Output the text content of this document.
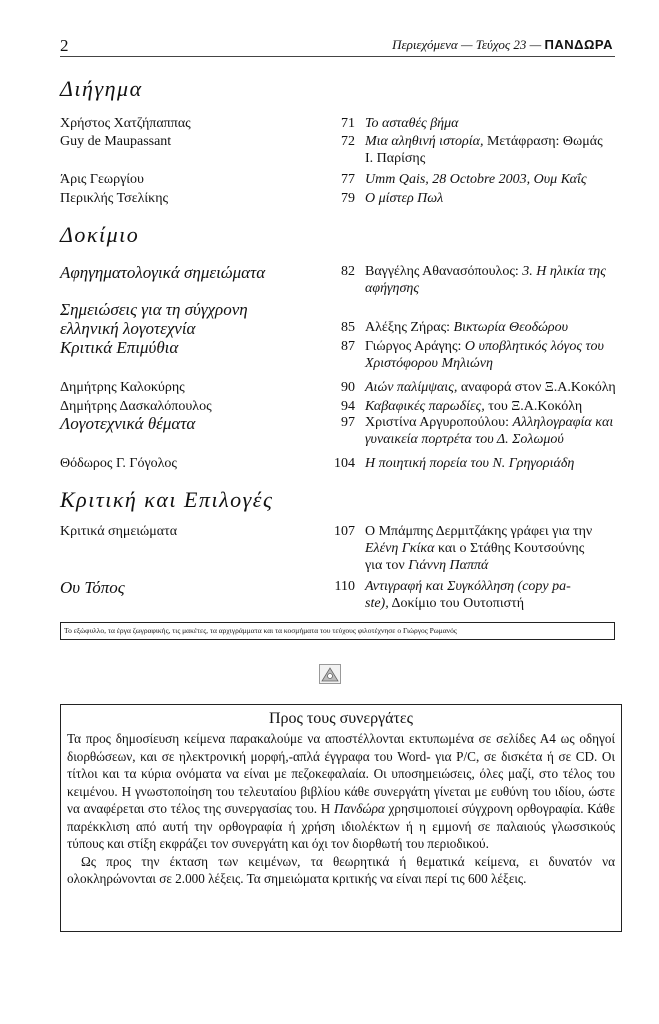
2	Περιεχόμενα — Τεύχος 23 — ΠΑΝΔΩΡΑ
Διήγημα
Χρήστος Χατζήπαππας	71 Το ασταθές βήμα
Guy de Maupassant	72 Μια αληθινή ιστορία, Μετάφραση: Θωμάς
Ι. Παρίσης
Άρις Γεωργίου	77 Umm Qais, 28 Octobre 2003, Ουμ Καΐς
Περικλής Τσελίκης	79 Ο μίστερ Πωλ
Δοκίμιο
Αφηγηματολογικά σημειώματα	82 Βαγγέλης Αθανασόπουλος: 3. Η ηλικία της αφήγησης
Σημειώσεις για τη σύγχρονη
ελληνική λογοτεχνία	85 Αλέξης Ζήρας: Βικτωρία Θεοδώρου
Κριτικά Επιμύθια	87 Γιώργος Αράγης: Ο υποβλητικός λόγος του Χριστόφορου Μηλιώνη
Δημήτρης Καλοκύρης	90 Αιών παλίμψαις, αναφορά στον Ξ.Α.Κοκόλη
Δημήτρης Δασκαλόπουλος	94 Καβαφικές παρωδίες, του Ξ.Α.Κοκόλη
Λογοτεχνικά θέματα	97 Χριστίνα Αργυροπούλου: Αλληλογραφία και γυναικεία πορτρέτα του Δ. Σολωμού
Θόδωρος Γ. Γόγολος	104 Η ποιητική πορεία του Ν. Γρηγοριάδη
Κριτική και Επιλογές
Κριτικά σημειώματα	107 Ο Μπάμπης Δερμιτζάκης γράφει για την
Ελένη Γκίκα και ο Στάθης Κουτσούνης
για τον Γιάννη Παππά
Ου Τόπος	110 Αντιγραφή και Συγκόλληση (copy pa-
ste), Δοκίμιο του Ουτοπιστή
Το εξώφυλλο, τα έργα ζωγραφικής, τις μακέτες, τα αρχιγράμματα και τα κοσμήματα του τεύχους φιλοτέχνησε ο Γιώργος Ρωμανός
Προς τους συνεργάτες

Τα προς δημοσίευση κείμενα παρακαλούμε να αποστέλλονται εκτυπωμένα σε σελίδες Α4 ως οδηγοί διορθώσεων, και σε ηλεκτρονική μορφή,-απλά έγγραφα του Word- για P/C, σε δισκέτα ή σε CD. Οι τίτλοι και τα κύρια ονόματα να είναι με πεζοκεφαλαία. Οι υποσημειώσεις, όλες μαζί, στο τέλος του κειμένου. Η γνωστοποίηση του τελευταίου βιβλίου κάθε συνεργάτη γίνεται με ευθύνη του ιδίου, ώστε να αναφέρεται στο τέλος της συνεργασίας του. Η Πανδώρα χρησιμοποιεί σύγχρονη ορθογραφία. Κάθε παρέκκλιση από αυτή την ορθογραφία ή χρήση ιδιολέκτων ή η εμμονή σε παλαιούς γλωσσικούς τύπους και στίξη εκφράζει τον συνεργάτη και όχι τον διορθωτή του περιοδικού.

Ως προς την έκταση των κειμένων, τα θεωρητικά ή θεματικά κείμενα, ει δυνατόν να ολοκληρώνονται σε 2.000 λέξεις. Τα σημειώματα κριτικής να είναι περί τις 600 λέξεις.
